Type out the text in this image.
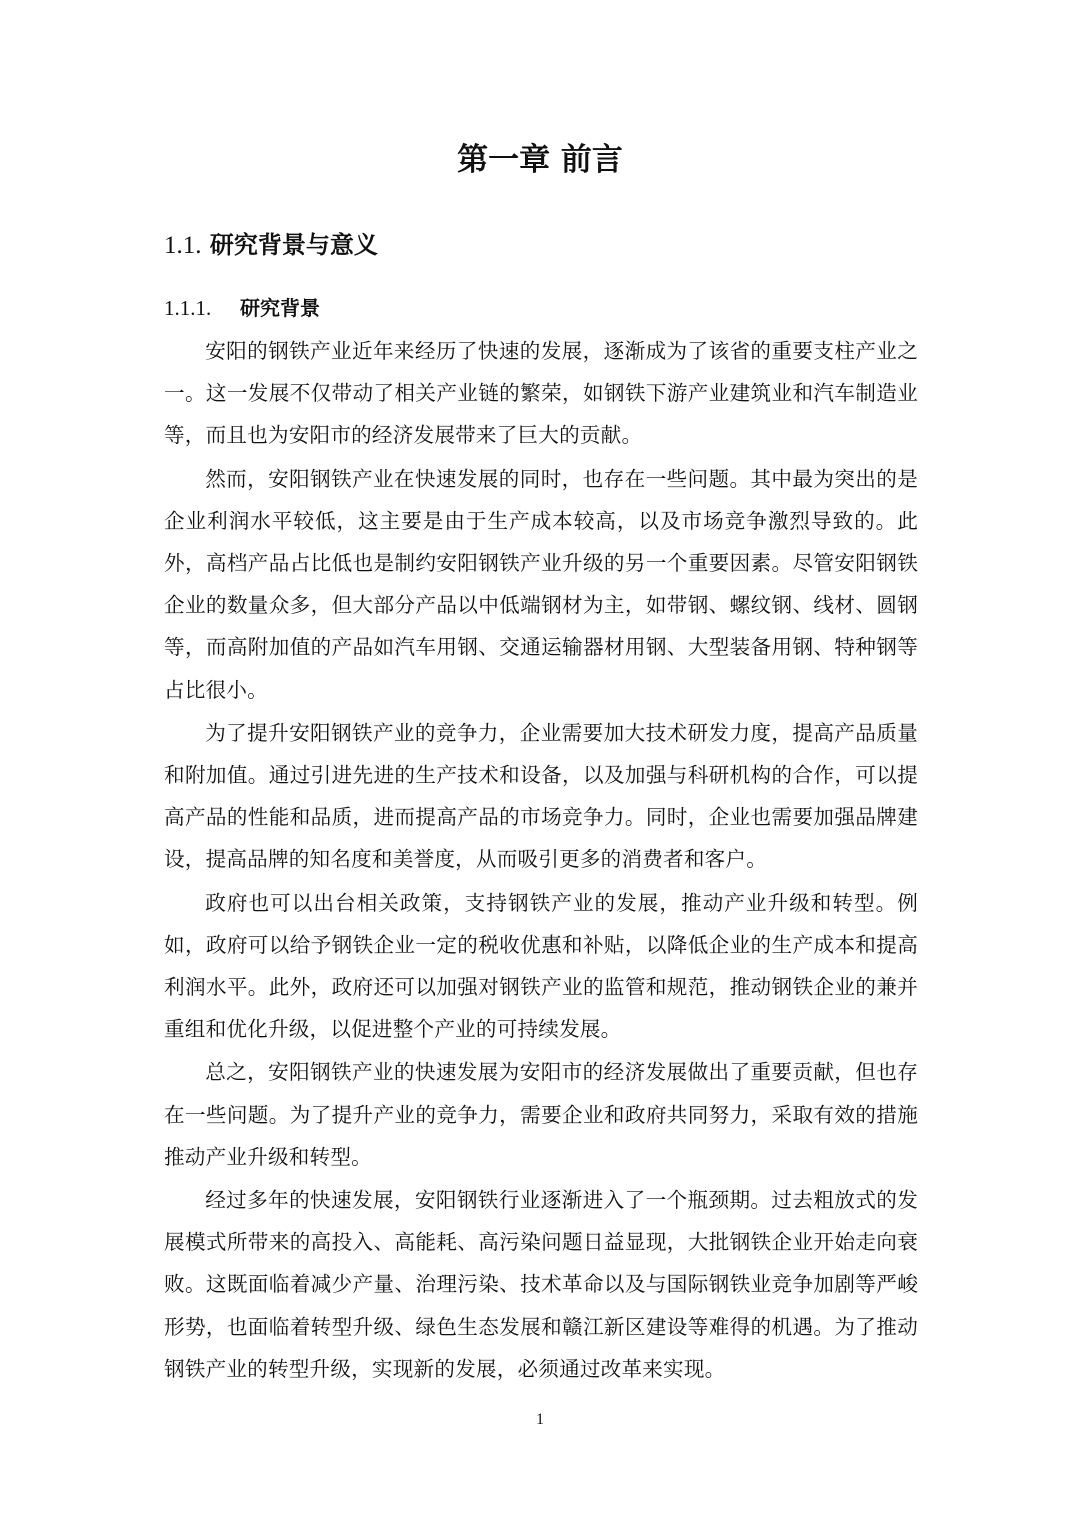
第一章 前言
1.1. 研究背景与意义
1.1.1. 研究背景

安阳的钢铁产业近年来经历了快速的发展，逐渐成为了该省的重要支柱产业之一。这一发展不仅带动了相关产业链的繁荣，如钢铁下游产业建筑业和汽车制造业等，而且也为安阳市的经济发展带来了巨大的贡献。

然而，安阳钢铁产业在快速发展的同时，也存在一些问题。其中最为突出的是企业利润水平较低，这主要是由于生产成本较高，以及市场竞争激烈导致的。此外，高档产品占比低也是制约安阳钢铁产业升级的另一个重要因素。尽管安阳钢铁企业的数量众多，但大部分产品以中低端钢材为主，如带钢、螺纹钢、线材、圆钢等，而高附加值的产品如汽车用钢、交通运输器材用钢、大型装备用钢、特种钢等占比很小。

为了提升安阳钢铁产业的竞争力，企业需要加大技术研发力度，提高产品质量和附加值。通过引进先进的生产技术和设备，以及加强与科研机构的合作，可以提高产品的性能和品质，进而提高产品的市场竞争力。同时，企业也需要加强品牌建设，提高品牌的知名度和美誉度，从而吸引更多的消费者和客户。

政府也可以出台相关政策，支持钢铁产业的发展，推动产业升级和转型。例如，政府可以给予钢铁企业一定的税收优惠和补贴，以降低企业的生产成本和提高利润水平。此外，政府还可以加强对钢铁产业的监管和规范，推动钢铁企业的兼并重组和优化升级，以促进整个产业的可持续发展。

总之，安阳钢铁产业的快速发展为安阳市的经济发展做出了重要贡献，但也存在一些问题。为了提升产业的竞争力，需要企业和政府共同努力，采取有效的措施推动产业升级和转型。

经过多年的快速发展，安阳钢铁行业逐渐进入了一个瓶颈期。过去粗放式的发展模式所带来的高投入、高能耗、高污染问题日益显现，大批钢铁企业开始走向衰败。这既面临着减少产量、治理污染、技术革命以及与国际钢铁业竞争加剧等严峻形势，也面临着转型升级、绿色生态发展和赣江新区建设等难得的机遇。为了推动钢铁产业的转型升级，实现新的发展，必须通过改革来实现。

1
